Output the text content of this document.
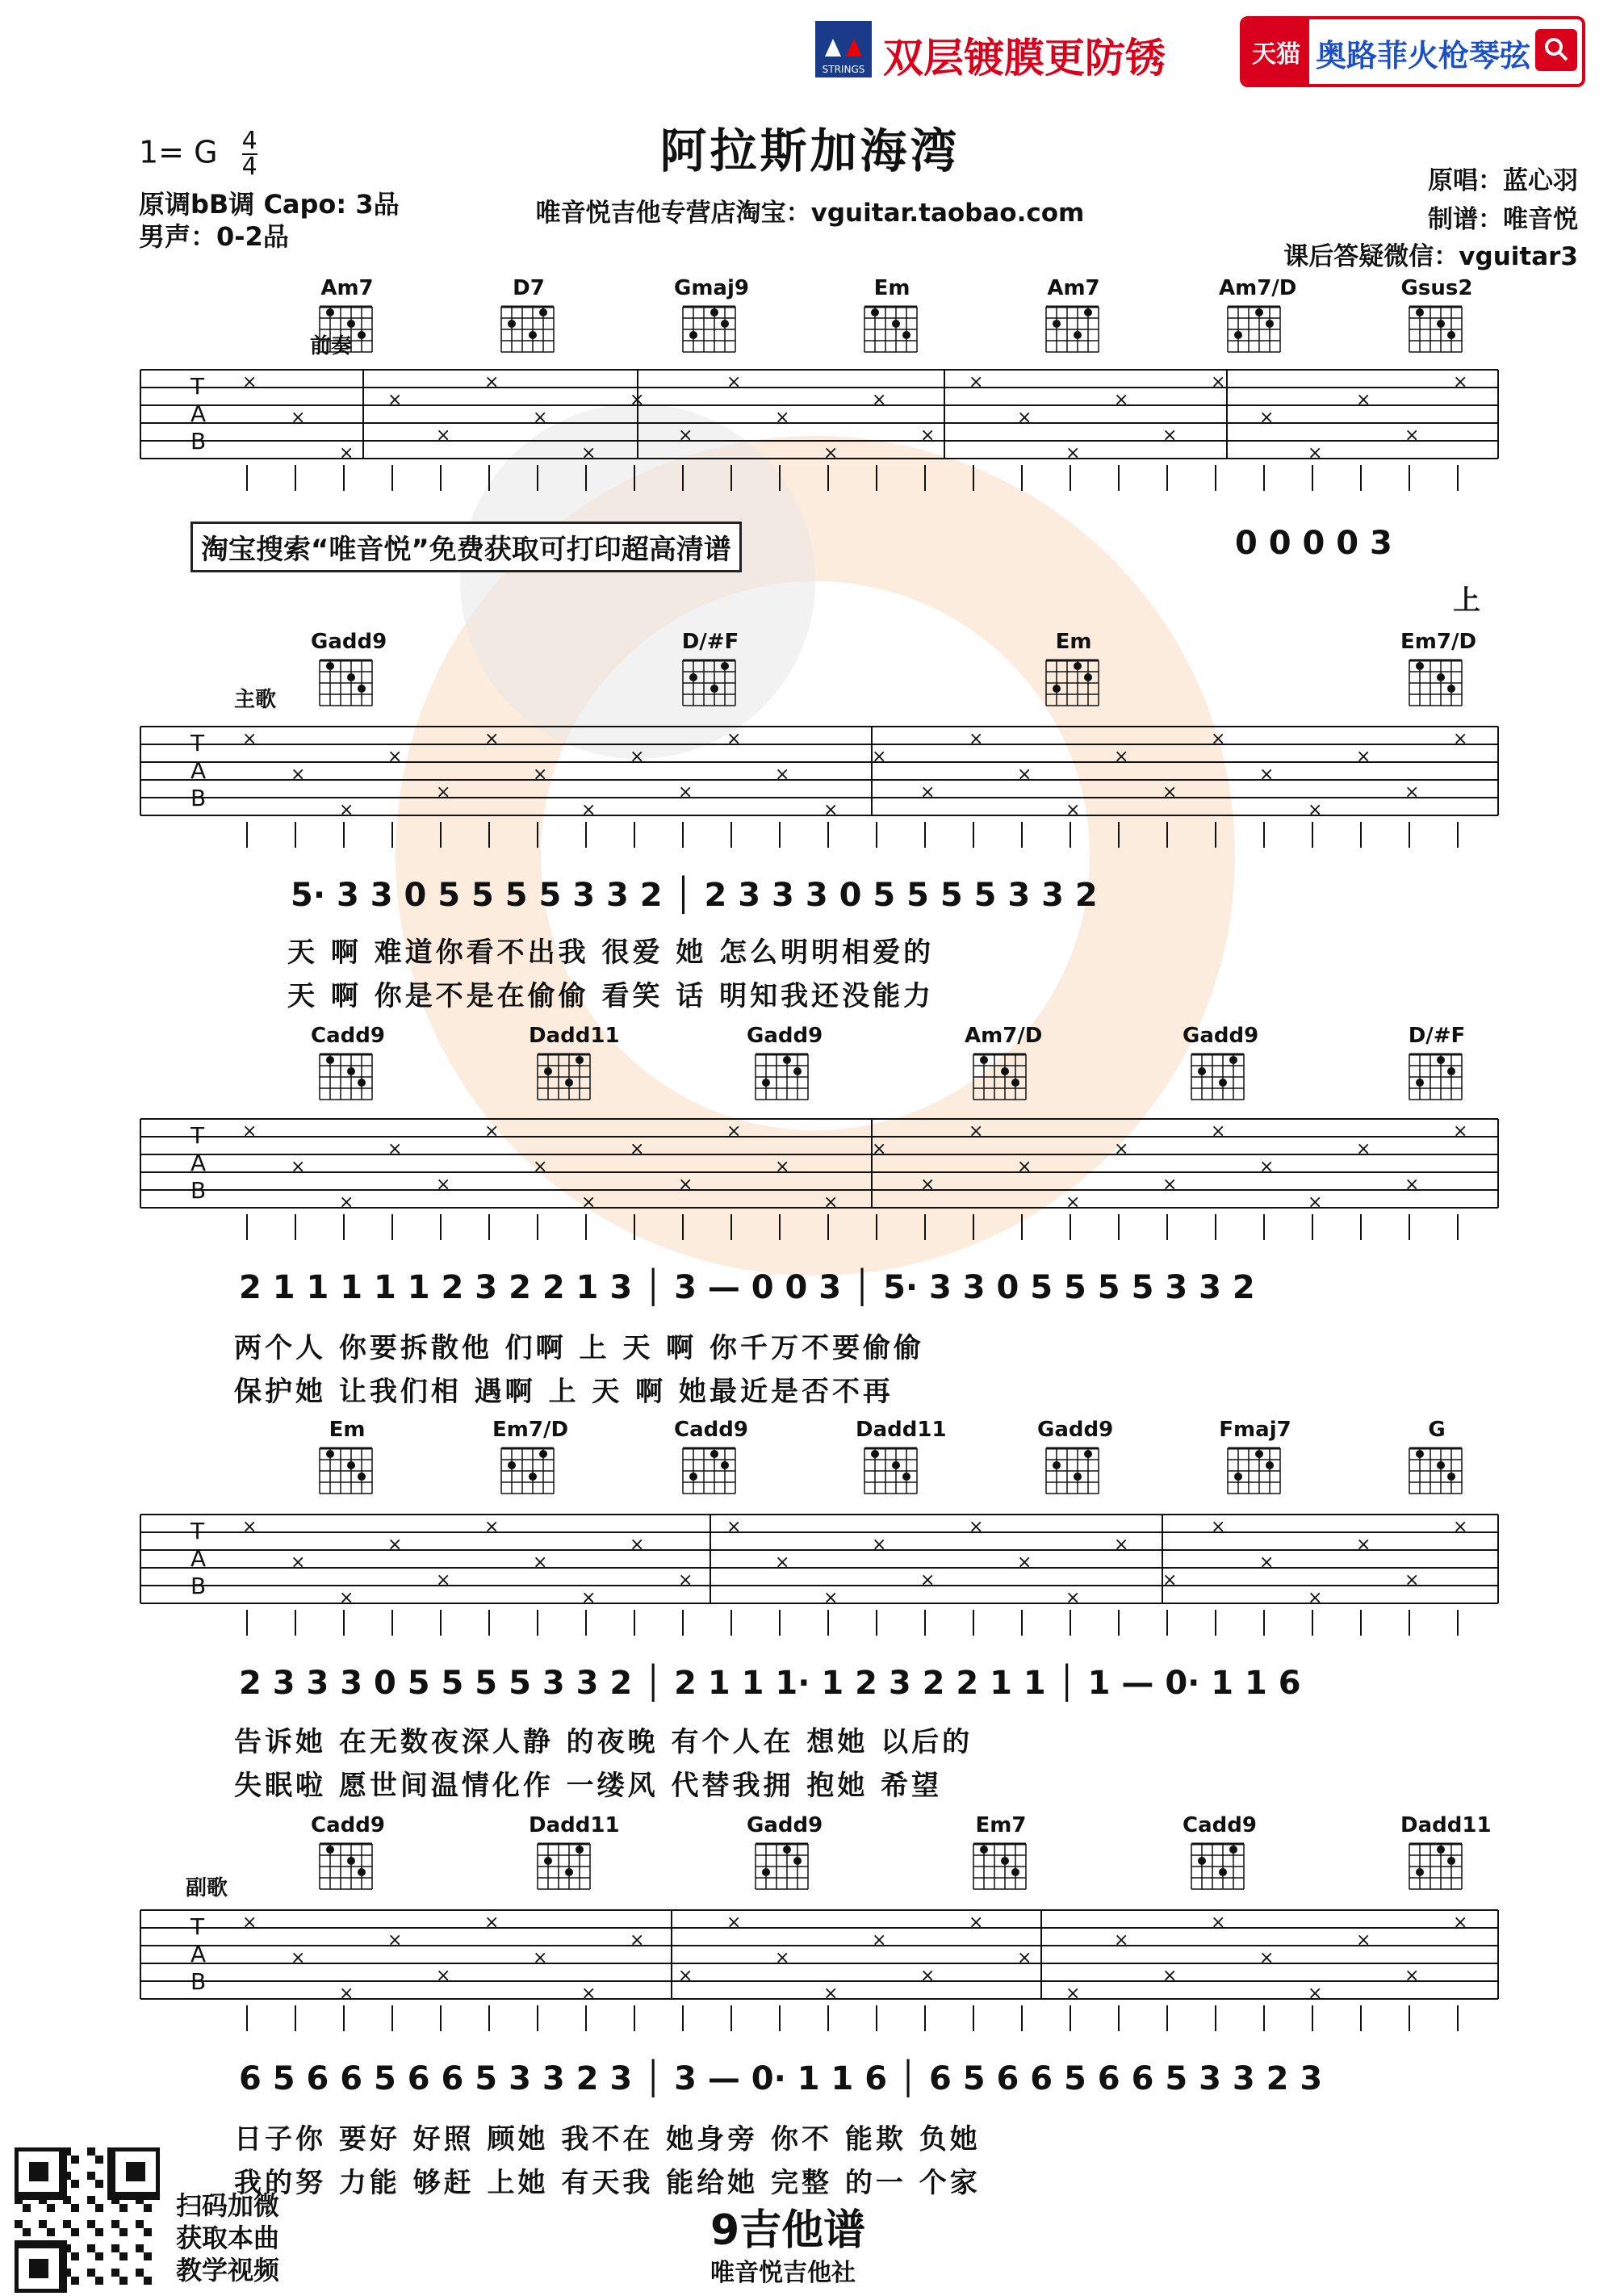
STRINGS 双层镀膜更防锈	天猫 奥路菲火枪琴弦
阿拉斯加海湾
1= G $\frac{4}{4}$
原调bB调 Capo: 3品
男声：0-2品
唯音悦吉他专营店淘宝：vguitar.taobao.com
原唱：蓝心羽
制谱：唯音悦
课后答疑微信：vguitar3
前奏
主歌
副歌
淘宝搜索“唯音悦”免费获取可打印超高清谱
T
A
B
×
×
×
×
×
×
×
×
×
×
×
×
×
×
×
×
×
×
×
×
×
×
×
×
×
×
T
A
B
×
×
×
×
×
×
×
×
×
×
×
×
×
×
×
×
×
×
×
×
×
×
×
×
×
×
T
A
B
×
×
×
×
×
×
×
×
×
×
×
×
×
×
×
×
×
×
×
×
×
×
×
×
×
×
T
A
B
×
×
×
×
×
×
×
×
×
×
×
×
×
×
×
×
×
×
×
×
×
×
×
×
×
×
T
A
B
×
×
×
×
×
×
×
×
×
×
×
×
×
×
×
×
×
×
×
×
×
×
×
×
×
×
Am7	D7	Gmaj9	Em	Am7	Am7/D	Gsus2
Gadd9	D/#F	Em	Em7/D
Cadd9	Dadd11	Gadd9	Am7/D	Gadd9	D/#F
Em	Em7/D	Cadd9	Dadd11	Gadd9	Fmaj7	G
Cadd9	Dadd11	Gadd9	Em7	Cadd9	Dadd11
0 0 0 0 3
上
5· 3 3 0 5 5 5 5 3 3 2 │ 2 3 3 3 0 5 5 5 5 3 3 2
天 啊 难道你看不出我 很爱 她 怎么明明相爱的
天 啊 你是不是在偷偷 看笑 话 明知我还没能力
2 1 1 1 1 1 2 3 2 2 1 3 │ 3 — 0 0 3 │ 5· 3 3 0 5 5 5 5 3 3 2
两个人 你要拆散他 们啊 上 天 啊 你千万不要偷偷
保护她 让我们相 遇啊 上 天 啊 她最近是否不再
2 3 3 3 0 5 5 5 5 3 3 2 │ 2 1 1 1· 1 2 3 2 2 1 1 │ 1 — 0· 1 1 6
告诉她 在无数夜深人静 的夜晚 有个人在 想她 以后的
失眠啦 愿世间温情化作 一缕风 代替我拥 抱她 希望
6 5 6 6 5 6 6 5 3 3 2 3 │ 3 — 0· 1 1 6 │ 6 5 6 6 5 6 6 5 3 3 2 3
日子你 要好 好照 顾她 我不在 她身旁 你不 能欺 负她
我的努 力能 够赶 上她 有天我 能给她 完整 的一 个家
扫码加微
获取本曲
教学视频
9吉他谱
唯音悦吉他社
